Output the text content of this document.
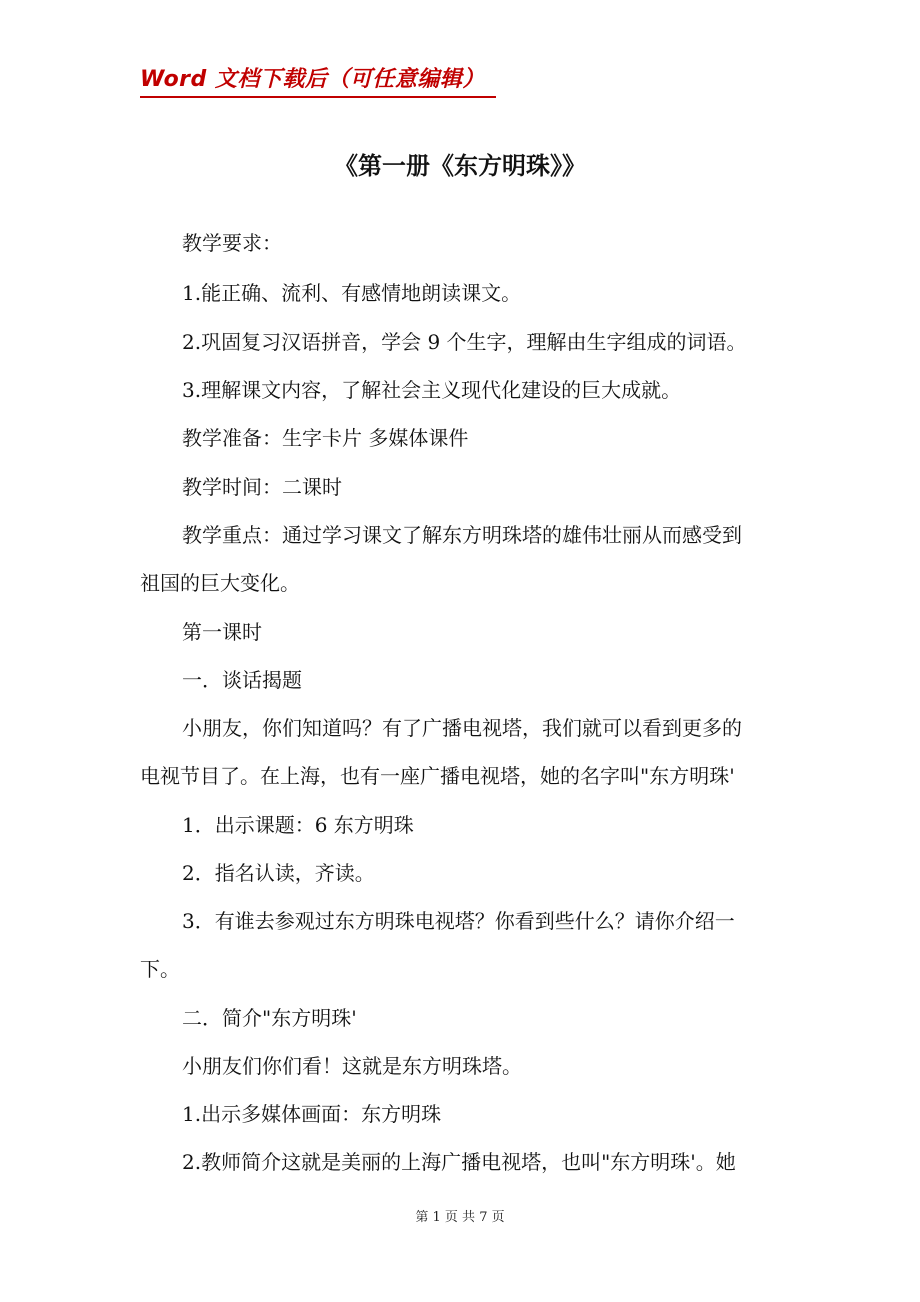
Word 文档下载后（可任意编辑）
《第一册《东方明珠》》
教学要求：
1.能正确、流利、有感情地朗读课文。
2.巩固复习汉语拼音，学会 9 个生字，理解由生字组成的词语。
3.理解课文内容，了解社会主义现代化建设的巨大成就。
教学准备：生字卡片 多媒体课件
教学时间：二课时
教学重点：通过学习课文了解东方明珠塔的雄伟壮丽从而感受到
祖国的巨大变化。
第一课时
一．谈话揭题
小朋友，你们知道吗？有了广播电视塔，我们就可以看到更多的
电视节目了。在上海，也有一座广播电视塔，她的名字叫"东方明珠'
1．出示课题：6 东方明珠
2．指名认读，齐读。
3．有谁去参观过东方明珠电视塔？你看到些什么？请你介绍一
下。
二．简介"东方明珠'
小朋友们你们看！这就是东方明珠塔。
1.出示多媒体画面：东方明珠
2.教师简介这就是美丽的上海广播电视塔，也叫"东方明珠'。她
第 1 页 共 7 页
